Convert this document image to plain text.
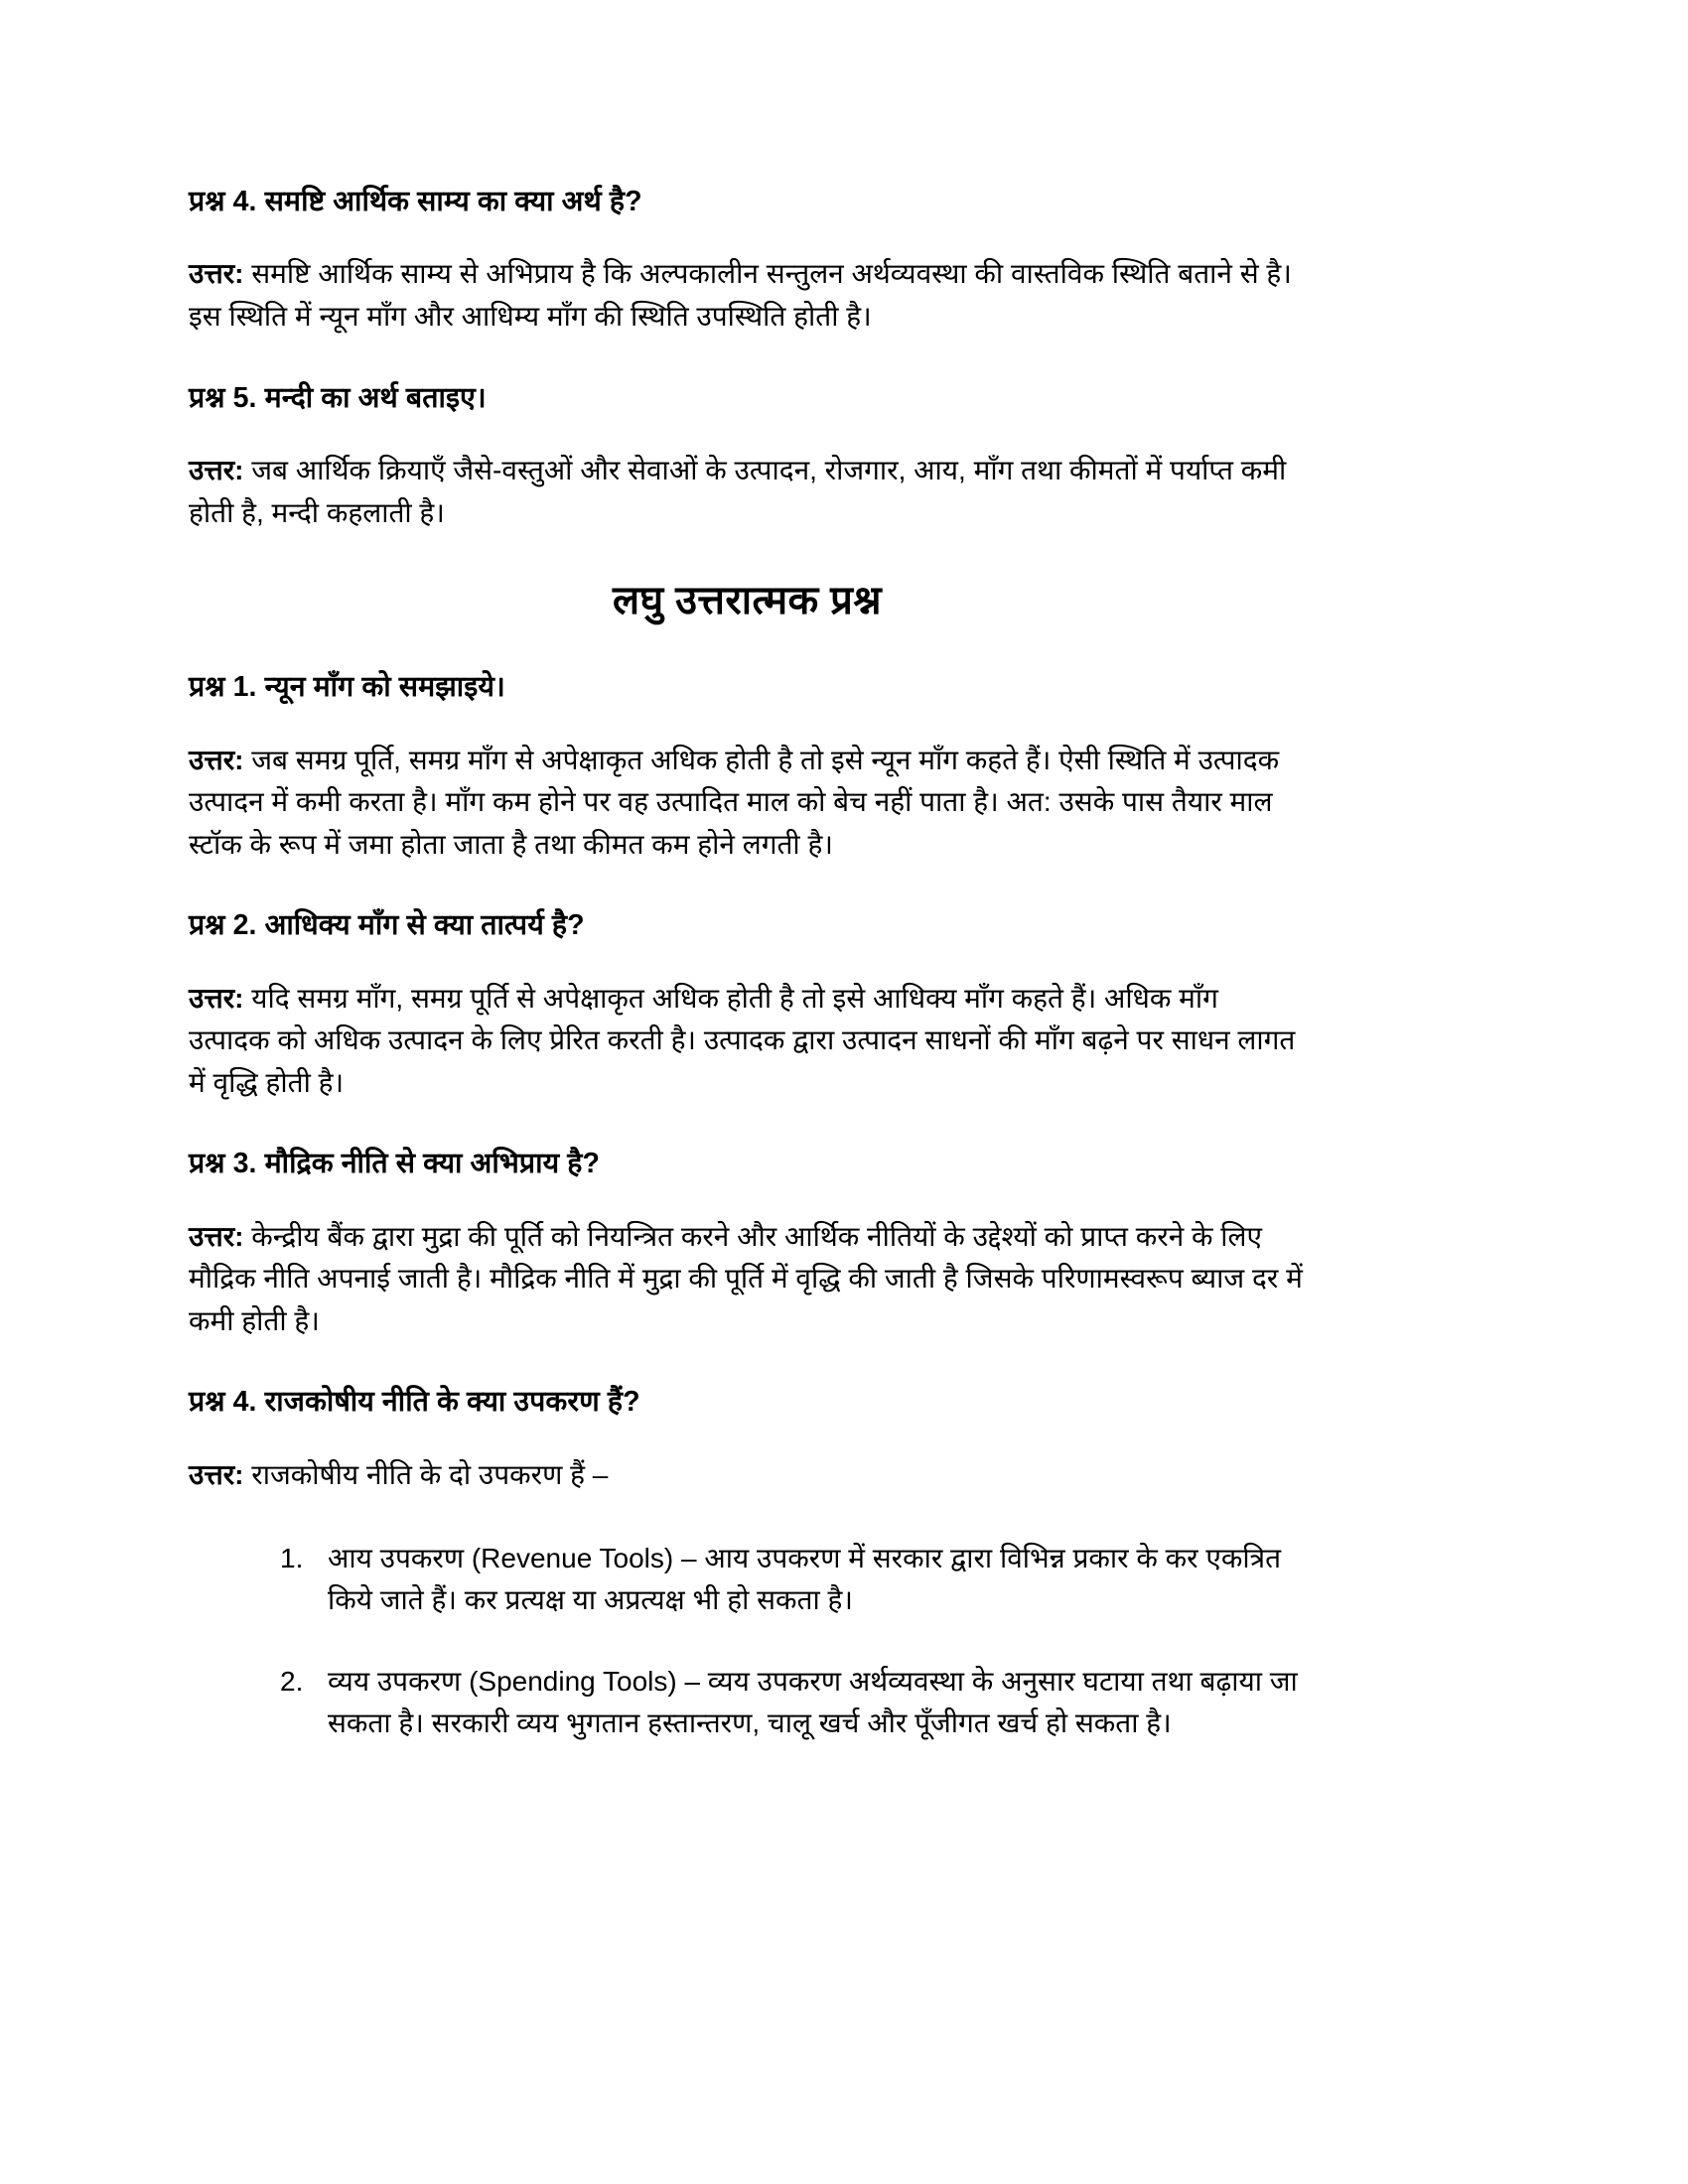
प्रश्न 4. समष्टि आर्थिक साम्य का क्या अर्थ है?

उत्तर: समष्टि आर्थिक साम्य से अभिप्राय है कि अल्पकालीन सन्तुलन अर्थव्यवस्था की वास्तविक स्थिति बताने से है। इस स्थिति में न्यून माँग और आधिम्य माँग की स्थिति उपस्थिति होती है।

प्रश्न 5. मन्दी का अर्थ बताइए।

उत्तर: जब आर्थिक क्रियाएँ जैसे-वस्तुओं और सेवाओं के उत्पादन, रोजगार, आय, माँग तथा कीमतों में पर्याप्त कमी होती है, मन्दी कहलाती है।

लघु उत्तरात्मक प्रश्न
प्रश्न 1. न्यून माँग को समझाइये।

उत्तर: जब समग्र पूर्ति, समग्र माँग से अपेक्षाकृत अधिक होती है तो इसे न्यून माँग कहते हैं। ऐसी स्थिति में उत्पादक उत्पादन में कमी करता है। माँग कम होने पर वह उत्पादित माल को बेच नहीं पाता है। अत: उसके पास तैयार माल स्टॉक के रूप में जमा होता जाता है तथा कीमत कम होने लगती है।

प्रश्न 2. आधिक्य माँग से क्या तात्पर्य है?

उत्तर: यदि समग्र माँग, समग्र पूर्ति से अपेक्षाकृत अधिक होती है तो इसे आधिक्य माँग कहते हैं। अधिक माँग उत्पादक को अधिक उत्पादन के लिए प्रेरित करती है। उत्पादक द्वारा उत्पादन साधनों की माँग बढ़ने पर साधन लागत में वृद्धि होती है।

प्रश्न 3. मौद्रिक नीति से क्या अभिप्राय है?

उत्तर: केन्द्रीय बैंक द्वारा मुद्रा की पूर्ति को नियन्त्रित करने और आर्थिक नीतियों के उद्देश्यों को प्राप्त करने के लिए मौद्रिक नीति अपनाई जाती है। मौद्रिक नीति में मुद्रा की पूर्ति में वृद्धि की जाती है जिसके परिणामस्वरूप ब्याज दर में कमी होती है।

प्रश्न 4. राजकोषीय नीति के क्या उपकरण हैं?

उत्तर: राजकोषीय नीति के दो उपकरण हैं –

आय उपकरण (Revenue Tools) – आय उपकरण में सरकार द्वारा विभिन्न प्रकार के कर एकत्रित किये जाते हैं। कर प्रत्यक्ष या अप्रत्यक्ष भी हो सकता है।
व्यय उपकरण (Spending Tools) – व्यय उपकरण अर्थव्यवस्था के अनुसार घटाया तथा बढ़ाया जा सकता है। सरकारी व्यय भुगतान हस्तान्तरण, चालू खर्च और पूँजीगत खर्च हो सकता है।
